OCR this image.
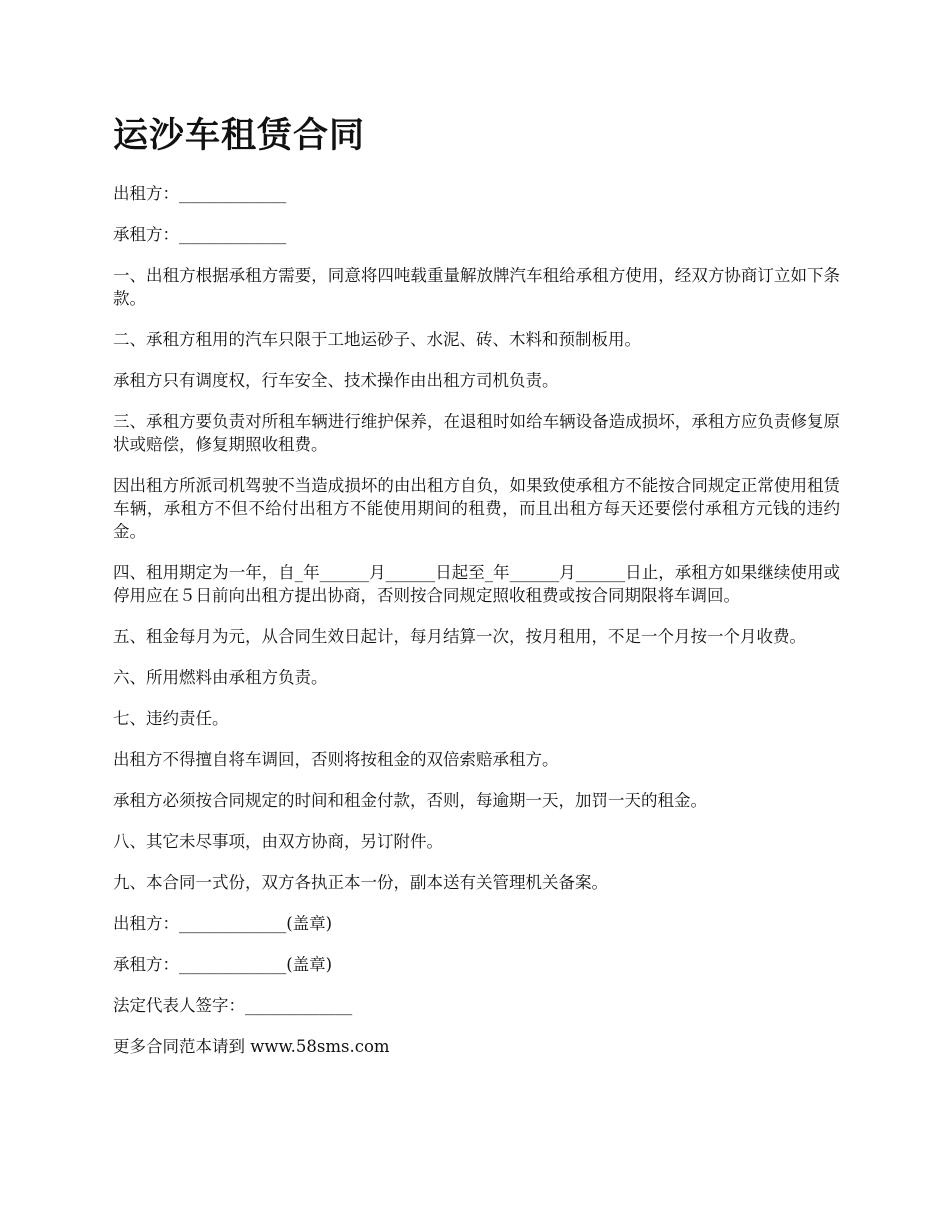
运沙车租赁合同

出租方：_____________

承租方：_____________

一、出租方根据承租方需要，同意将四吨载重量解放牌汽车租给承租方使用，经双方协商订立如下条款。

二、承租方租用的汽车只限于工地运砂子、水泥、砖、木料和预制板用。

承租方只有调度权，行车安全、技术操作由出租方司机负责。

三、承租方要负责对所租车辆进行维护保养，在退租时如给车辆设备造成损坏，承租方应负责修复原状或赔偿，修复期照收租费。

因出租方所派司机驾驶不当造成损坏的由出租方自负，如果致使承租方不能按合同规定正常使用租赁车辆，承租方不但不给付出租方不能使用期间的租费，而且出租方每天还要偿付承租方元钱的违约金。

四、租用期定为一年，自_年______月______日起至_年______月______日止，承租方如果继续使用或停用应在５日前向出租方提出协商，否则按合同规定照收租费或按合同期限将车调回。

五、租金每月为元，从合同生效日起计，每月结算一次，按月租用，不足一个月按一个月收费。

六、所用燃料由承租方负责。

七、违约责任。

出租方不得擅自将车调回，否则将按租金的双倍索赔承租方。

承租方必须按合同规定的时间和租金付款，否则，每逾期一天，加罚一天的租金。

八、其它未尽事项，由双方协商，另订附件。

九、本合同一式份，双方各执正本一份，副本送有关管理机关备案。

出租方：_____________(盖章)

承租方：_____________(盖章)

法定代表人签字：_____________

更多合同范本请到 www.58sms.com
